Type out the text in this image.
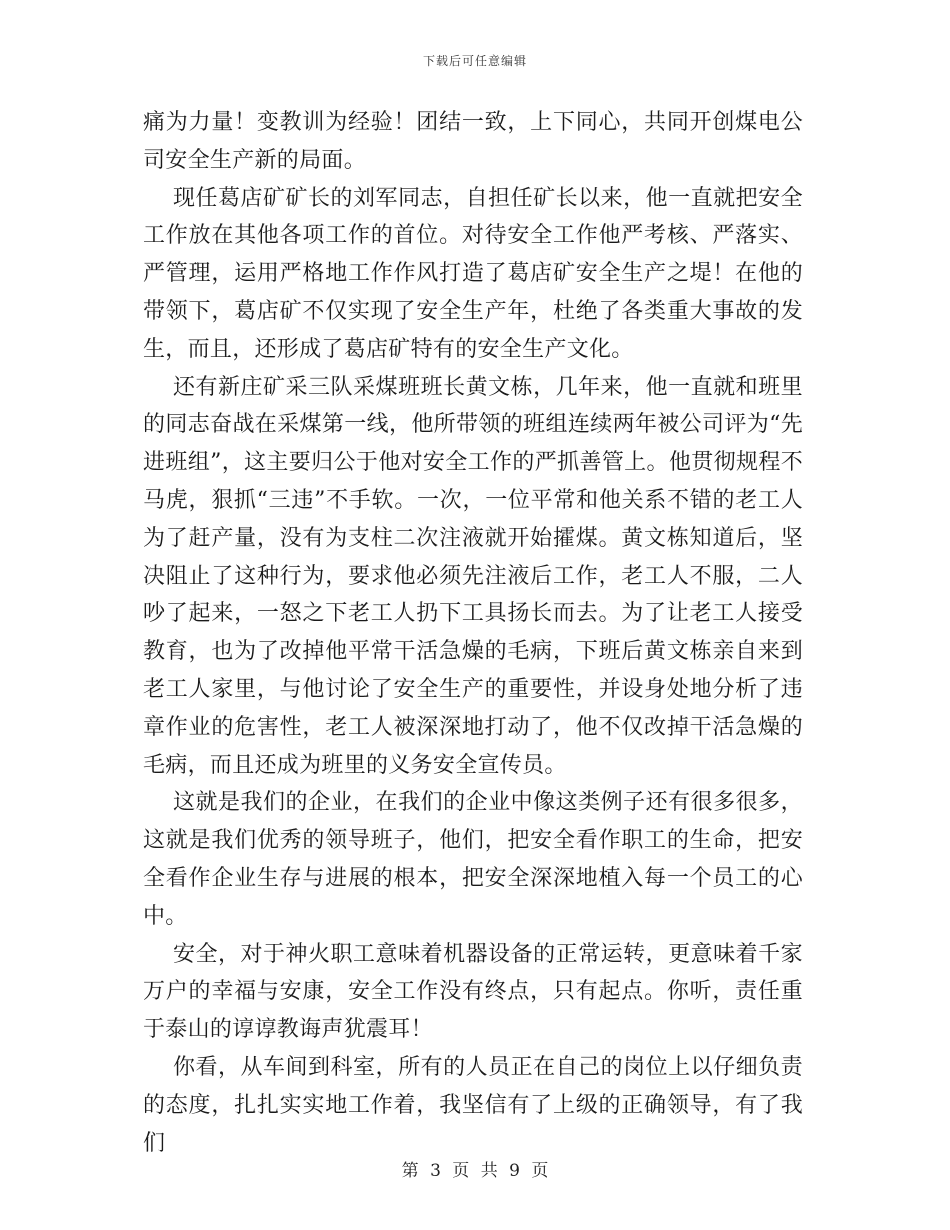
下载后可任意编辑

痛为力量！变教训为经验！团结一致，上下同心，共同开创煤电公司安全生产新的局面。

现任葛店矿矿长的刘军同志，自担任矿长以来，他一直就把安全工作放在其他各项工作的首位。对待安全工作他严考核、严落实、严管理，运用严格地工作作风打造了葛店矿安全生产之堤！在他的带领下，葛店矿不仅实现了安全生产年，杜绝了各类重大事故的发生，而且，还形成了葛店矿特有的安全生产文化。

还有新庄矿采三队采煤班班长黄文栋，几年来，他一直就和班里的同志奋战在采煤第一线，他所带领的班组连续两年被公司评为“先进班组”，这主要归公于他对安全工作的严抓善管上。他贯彻规程不马虎，狠抓“三违”不手软。一次，一位平常和他关系不错的老工人为了赶产量，没有为支柱二次注液就开始攉煤。黄文栋知道后，坚决阻止了这种行为，要求他必须先注液后工作，老工人不服，二人吵了起来，一怒之下老工人扔下工具扬长而去。为了让老工人接受教育，也为了改掉他平常干活急燥的毛病，下班后黄文栋亲自来到老工人家里，与他讨论了安全生产的重要性，并设身处地分析了违章作业的危害性，老工人被深深地打动了，他不仅改掉干活急燥的毛病，而且还成为班里的义务安全宣传员。

这就是我们的企业，在我们的企业中像这类例子还有很多很多，这就是我们优秀的领导班子，他们，把安全看作职工的生命，把安全看作企业生存与进展的根本，把安全深深地植入每一个员工的心中。

安全，对于神火职工意味着机器设备的正常运转，更意味着千家万户的幸福与安康，安全工作没有终点，只有起点。你听，责任重于泰山的谆谆教诲声犹震耳！

你看，从车间到科室，所有的人员正在自己的岗位上以仔细负责的态度，扎扎实实地工作着，我坚信有了上级的正确领导，有了我们

第 3 页 共 9 页
